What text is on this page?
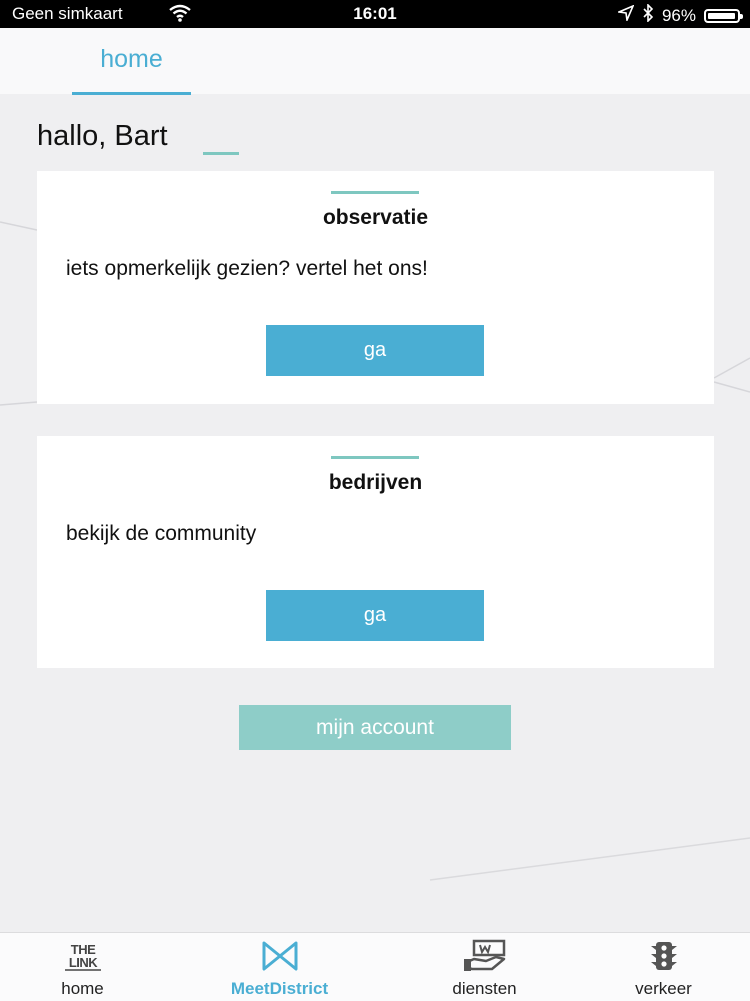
Geen simkaart	16:01	96%
home
hallo, Bart
observatie
iets opmerkelijk gezien? vertel het ons!
ga
bedrijven
bekijk de community
ga
mijn account
THE
LINK
home	MeetDistrict	diensten	verkeer
